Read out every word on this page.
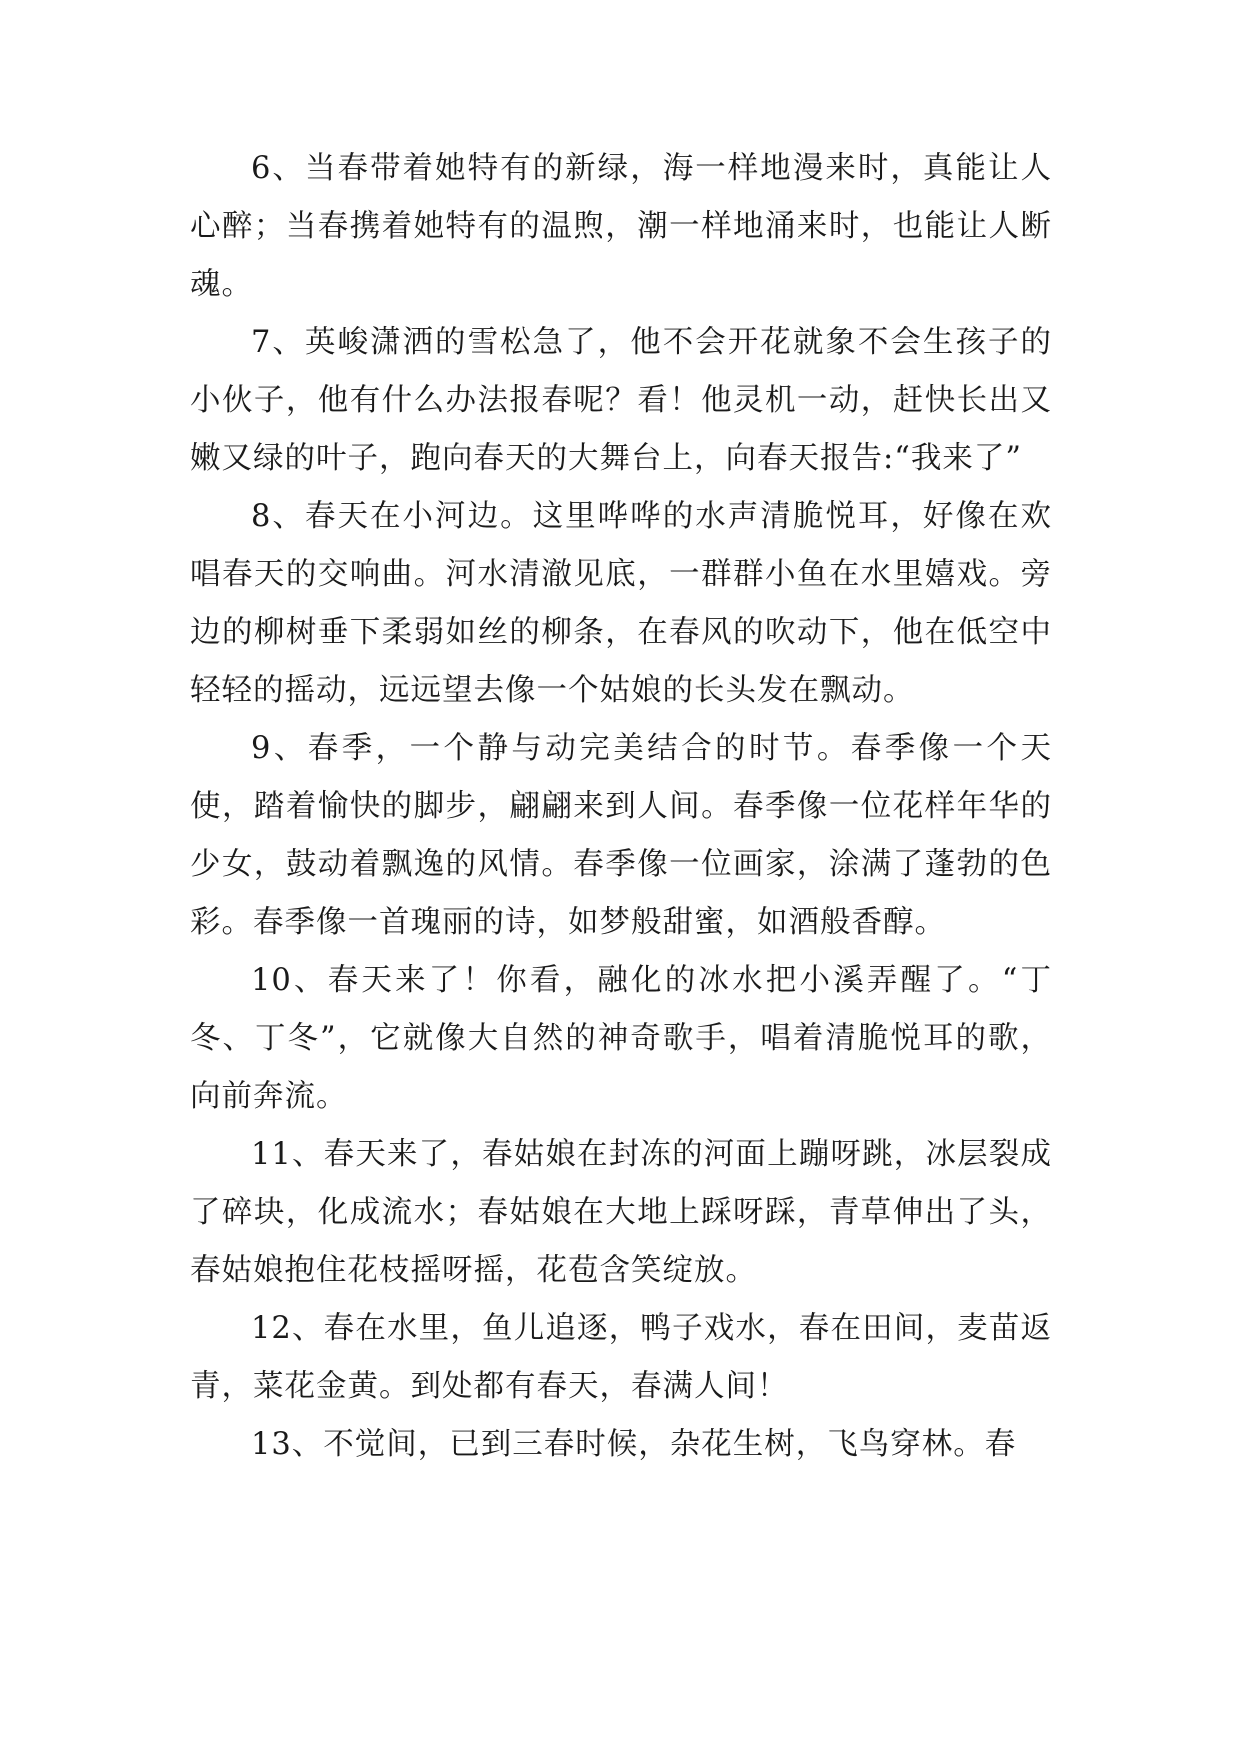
6、当春带着她特有的新绿，海一样地漫来时，真能让人心醉；当春携着她特有的温煦，潮一样地涌来时，也能让人断魂。

7、英峻潇洒的雪松急了，他不会开花就象不会生孩子的小伙子，他有什么办法报春呢？看！他灵机一动，赶快长出又嫩又绿的叶子，跑向春天的大舞台上，向春天报告:“我来了”

8、春天在小河边。这里哗哗的水声清脆悦耳，好像在欢唱春天的交响曲。河水清澈见底，一群群小鱼在水里嬉戏。旁边的柳树垂下柔弱如丝的柳条，在春风的吹动下，他在低空中轻轻的摇动，远远望去像一个姑娘的长头发在飘动。

9、春季，一个静与动完美结合的时节。春季像一个天使，踏着愉快的脚步，翩翩来到人间。春季像一位花样年华的少女，鼓动着飘逸的风情。春季像一位画家，涂满了蓬勃的色彩。春季像一首瑰丽的诗，如梦般甜蜜，如酒般香醇。

10、春天来了！你看，融化的冰水把小溪弄醒了。“丁冬、丁冬”，它就像大自然的神奇歌手，唱着清脆悦耳的歌，向前奔流。

11、春天来了，春姑娘在封冻的河面上蹦呀跳，冰层裂成了碎块，化成流水；春姑娘在大地上踩呀踩，青草伸出了头，春姑娘抱住花枝摇呀摇，花苞含笑绽放。

12、春在水里，鱼儿追逐，鸭子戏水，春在田间，麦苗返青，菜花金黄。到处都有春天，春满人间！

13、不觉间，已到三春时候，杂花生树，飞鸟穿林。春
